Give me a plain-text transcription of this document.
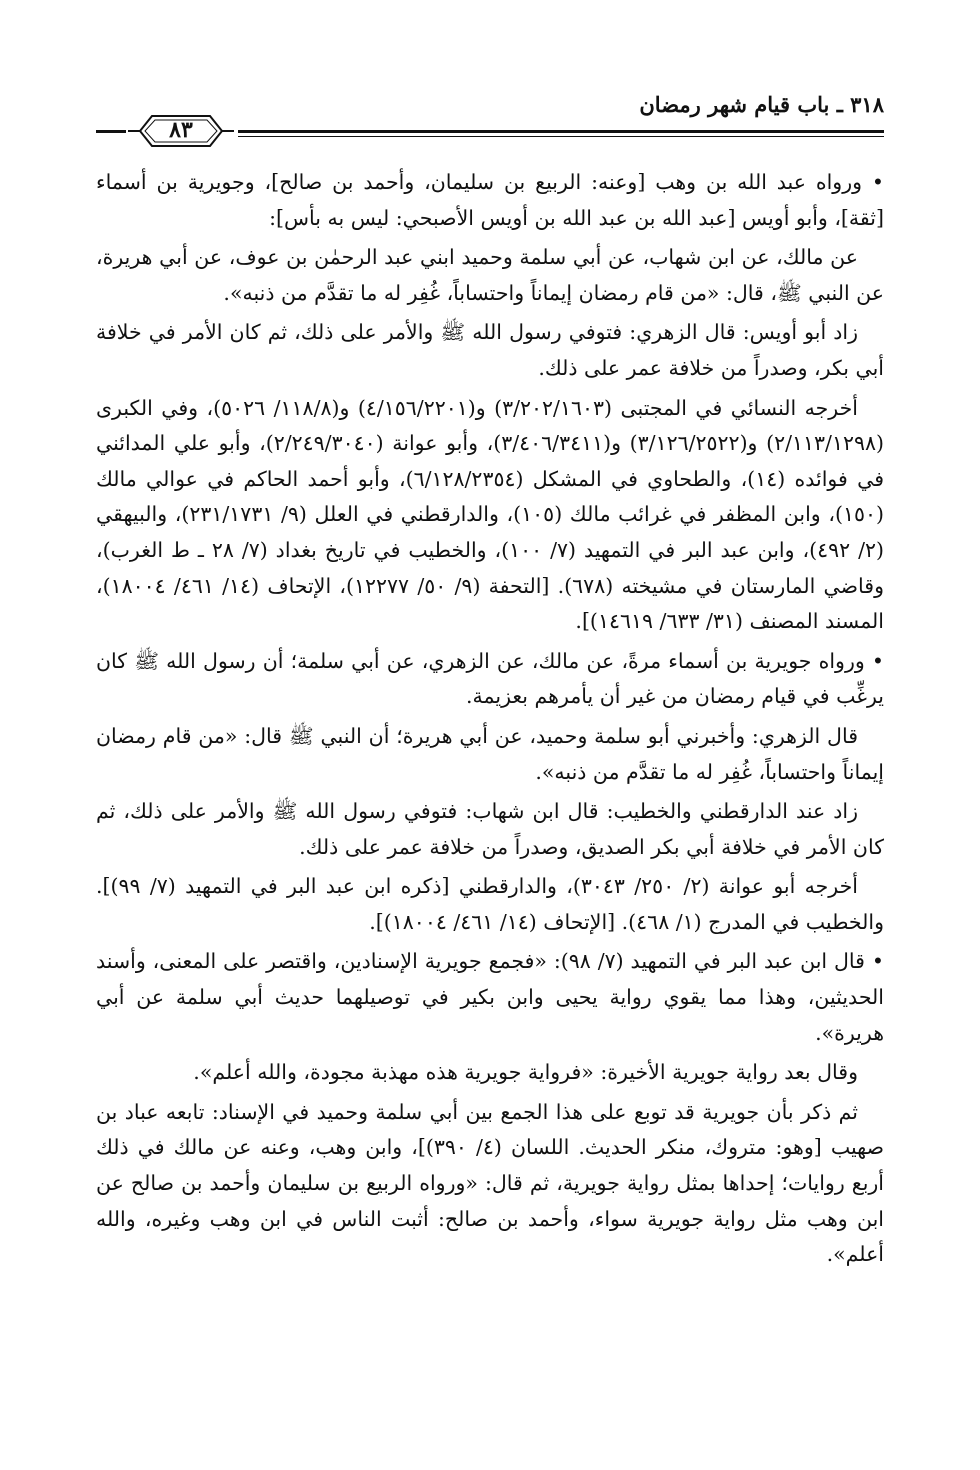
٣١٨ ـ باب قيام شهر رمضان
٨٣

• ورواه عبد الله بن وهب [وعنه: الربيع بن سليمان، وأحمد بن صالح]، وجويرية بن أسماء [ثقة]، وأبو أويس [عبد الله بن عبد الله بن أويس الأصبحي: ليس به بأس]:

عن مالك، عن ابن شهاب، عن أبي سلمة وحميد ابني عبد الرحمٰن بن عوف، عن أبي هريرة، عن النبي ﷺ، قال: «من قام رمضان إيماناً واحتساباً، غُفِر له ما تقدَّم من ذنبه».

زاد أبو أويس: قال الزهري: فتوفي رسول الله ﷺ والأمر على ذلك، ثم كان الأمر في خلافة أبي بكر، وصدراً من خلافة عمر على ذلك.

أخرجه النسائي في المجتبى (٣/٢٠٢/١٦٠٣) و(٤/١٥٦/٢٢٠١) و(١١٨/٨/ ٥٠٢٦)، وفي الكبرى (٢/١١٣/١٢٩٨) و(٣/١٢٦/٢٥٢٢) و(٣/٤٠٦/٣٤١١)، وأبو عوانة (٢/٢٤٩/٣٠٤٠)، وأبو علي المدائني في فوائده (١٤)، والطحاوي في المشكل (٦/١٢٨/٢٣٥٤)، وأبو أحمد الحاكم في عوالي مالك (١٥٠)، وابن المظفر في غرائب مالك (١٠٥)، والدارقطني في العلل (٩/ ٢٣١/١٧٣١)، والبيهقي (٢/ ٤٩٢)، وابن عبد البر في التمهيد (٧/ ١٠٠)، والخطيب في تاريخ بغداد (٧/ ٢٨ ـ ط الغرب)، وقاضي المارستان في مشيخته (٦٧٨). [التحفة (٩/ ٥٠/ ١٢٢٧٧)، الإتحاف (١٤/ ٤٦١/ ١٨٠٠٤)، المسند المصنف (٣١/ ٦٣٣/ ١٤٦١٩)].

• ورواه جويرية بن أسماء مرةً، عن مالك، عن الزهري، عن أبي سلمة؛ أن رسول الله ﷺ كان يرغِّب في قيام رمضان من غير أن يأمرهم بعزيمة.

قال الزهري: وأخبرني أبو سلمة وحميد، عن أبي هريرة؛ أن النبي ﷺ قال: «من قام رمضان إيماناً واحتساباً، غُفِر له ما تقدَّم من ذنبه».

زاد عند الدارقطني والخطيب: قال ابن شهاب: فتوفي رسول الله ﷺ والأمر على ذلك، ثم كان الأمر في خلافة أبي بكر الصديق، وصدراً من خلافة عمر على ذلك.

أخرجه أبو عوانة (٢/ ٢٥٠/ ٣٠٤٣)، والدارقطني [ذكره ابن عبد البر في التمهيد (٧/ ٩٩)]. والخطيب في المدرج (١/ ٤٦٨). [الإتحاف (١٤/ ٤٦١/ ١٨٠٠٤)].

• قال ابن عبد البر في التمهيد (٧/ ٩٨): «فجمع جويرية الإسنادين، واقتصر على المعنى، وأسند الحديثين، وهذا مما يقوي رواية يحيى وابن بكير في توصيلهما حديث أبي سلمة عن أبي هريرة».

وقال بعد رواية جويرية الأخيرة: «فرواية جويرية هذه مهذبة مجودة، والله أعلم».

ثم ذكر بأن جويرية قد توبع على هذا الجمع بين أبي سلمة وحميد في الإسناد: تابعه عباد بن صهيب [وهو: متروك، منكر الحديث. اللسان (٤/ ٣٩٠)]، وابن وهب، وعنه عن مالك في ذلك أربع روايات؛ إحداها بمثل رواية جويرية، ثم قال: «ورواه الربيع بن سليمان وأحمد بن صالح عن ابن وهب مثل رواية جويرية سواء، وأحمد بن صالح: أثبت الناس في ابن وهب وغيره، والله أعلم».
